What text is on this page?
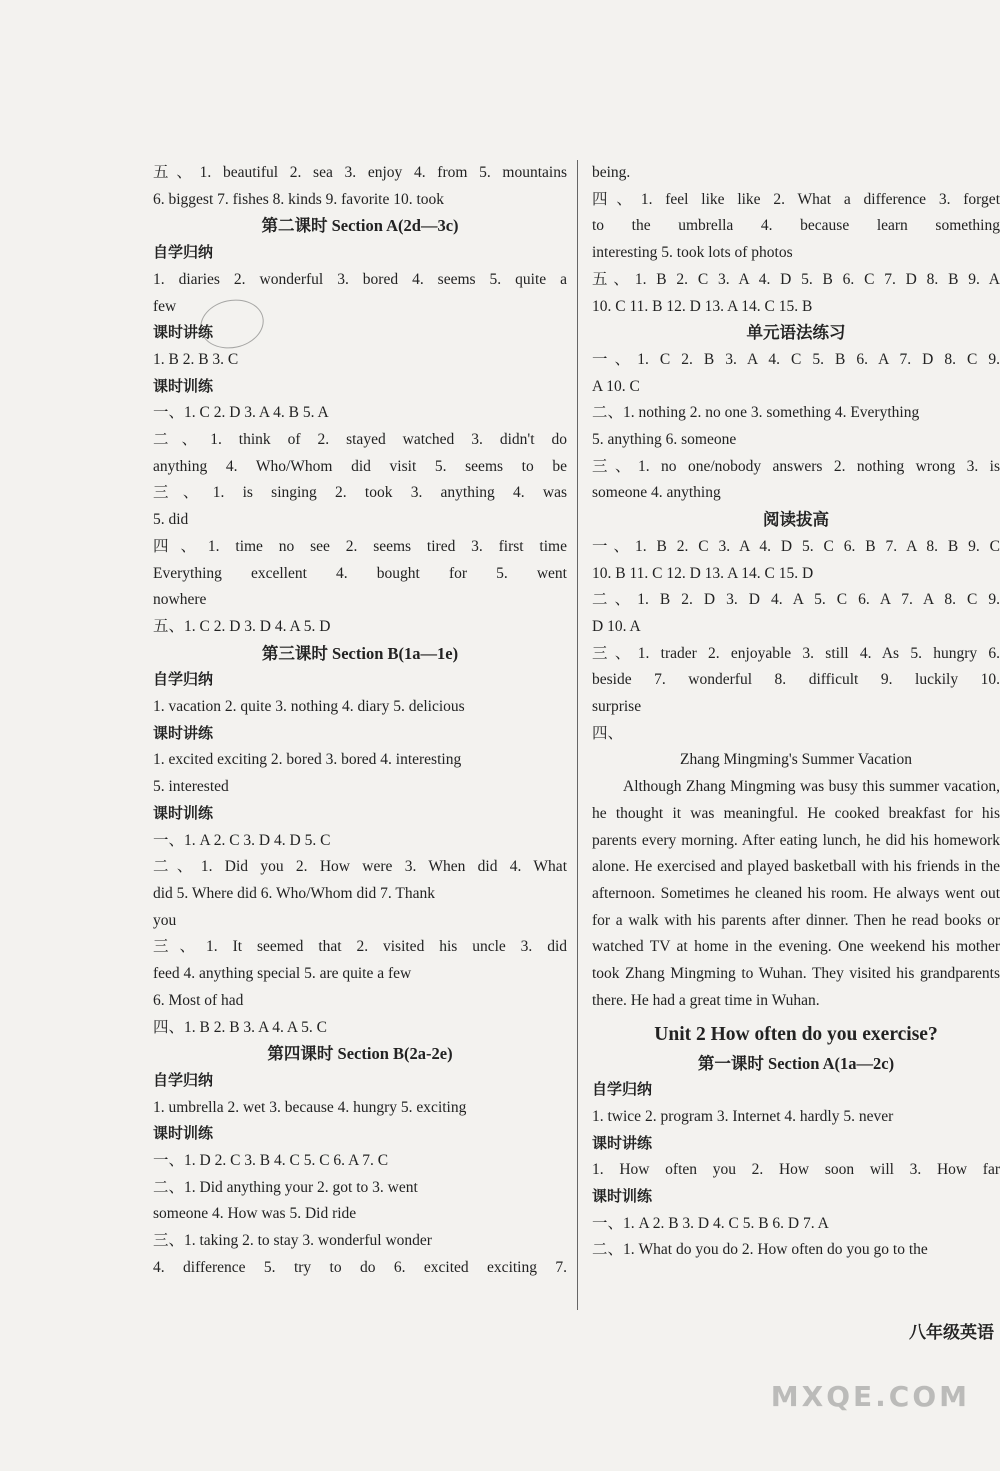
五、1. beautiful 2. sea 3. enjoy 4. from 5. mountains
6. biggest 7. fishes 8. kinds 9. favorite 10. took
第二课时 Section A(2d—3c)
自学归纳
1. diaries 2. wonderful 3. bored 4. seems 5. quite a
few
课时讲练
1. B 2. B 3. C
课时训练
一、1. C 2. D 3. A 4. B 5. A
二、1. think of 2. stayed watched 3. didn't do
anything 4. Who/Whom did visit 5. seems to be
三、1. is singing 2. took 3. anything 4. was
5. did
四、1. time no see 2. seems tired 3. first time
Everything excellent 4. bought for 5. went
nowhere
五、1. C 2. D 3. D 4. A 5. D
第三课时 Section B(1a—1e)
自学归纳
1. vacation 2. quite 3. nothing 4. diary 5. delicious
课时讲练
1. excited exciting 2. bored 3. bored 4. interesting
5. interested
课时训练
一、1. A 2. C 3. D 4. D 5. C
二、1. Did you 2. How were 3. When did 4. What
did 5. Where did 6. Who/Whom did 7. Thank
you
三、1. It seemed that 2. visited his uncle 3. did
feed 4. anything special 5. are quite a few
6. Most of had
四、1. B 2. B 3. A 4. A 5. C
第四课时 Section B(2a-2e)
自学归纳
1. umbrella 2. wet 3. because 4. hungry 5. exciting
课时训练
一、1. D 2. C 3. B 4. C 5. C 6. A 7. C
二、1. Did anything your 2. got to 3. went
someone 4. How was 5. Did ride
三、1. taking 2. to stay 3. wonderful wonder
4. difference 5. try to do 6. excited exciting 7.
being.
四、1. feel like like 2. What a difference 3. forget
to the umbrella 4. because learn something
interesting 5. took lots of photos
五、1. B 2. C 3. A 4. D 5. B 6. C 7. D 8. B 9. A
10. C 11. B 12. D 13. A 14. C 15. B
单元语法练习
一、1. C 2. B 3. A 4. C 5. B 6. A 7. D 8. C 9.
A 10. C
二、1. nothing 2. no one 3. something 4. Everything
5. anything 6. someone
三、1. no one/nobody answers 2. nothing wrong 3. is
someone 4. anything
阅读拔高
一、1. B 2. C 3. A 4. D 5. C 6. B 7. A 8. B 9. C
10. B 11. C 12. D 13. A 14. C 15. D
二、1. B 2. D 3. D 4. A 5. C 6. A 7. A 8. C 9.
D 10. A
三、1. trader 2. enjoyable 3. still 4. As 5. hungry 6.
beside 7. wonderful 8. difficult 9. luckily 10.
surprise
四、
Zhang Mingming's Summer Vacation
Although Zhang Mingming was busy this summer vacation, he thought it was meaningful. He cooked breakfast for his parents every morning. After eating lunch, he did his homework alone. He exercised and played basketball with his friends in the afternoon. Sometimes he cleaned his room. He always went out for a walk with his parents after dinner. Then he read books or watched TV at home in the evening. One weekend his mother took Zhang Mingming to Wuhan. They visited his grandparents there. He had a great time in Wuhan.
Unit 2 How often do you exercise?
第一课时 Section A(1a—2c)
自学归纳
1. twice 2. program 3. Internet 4. hardly 5. never
课时讲练
1. How often you 2. How soon will 3. How far
课时训练
一、1. A 2. B 3. D 4. C 5. B 6. D 7. A
二、1. What do you do 2. How often do you go to the
八年级英语
MXQE.COM
